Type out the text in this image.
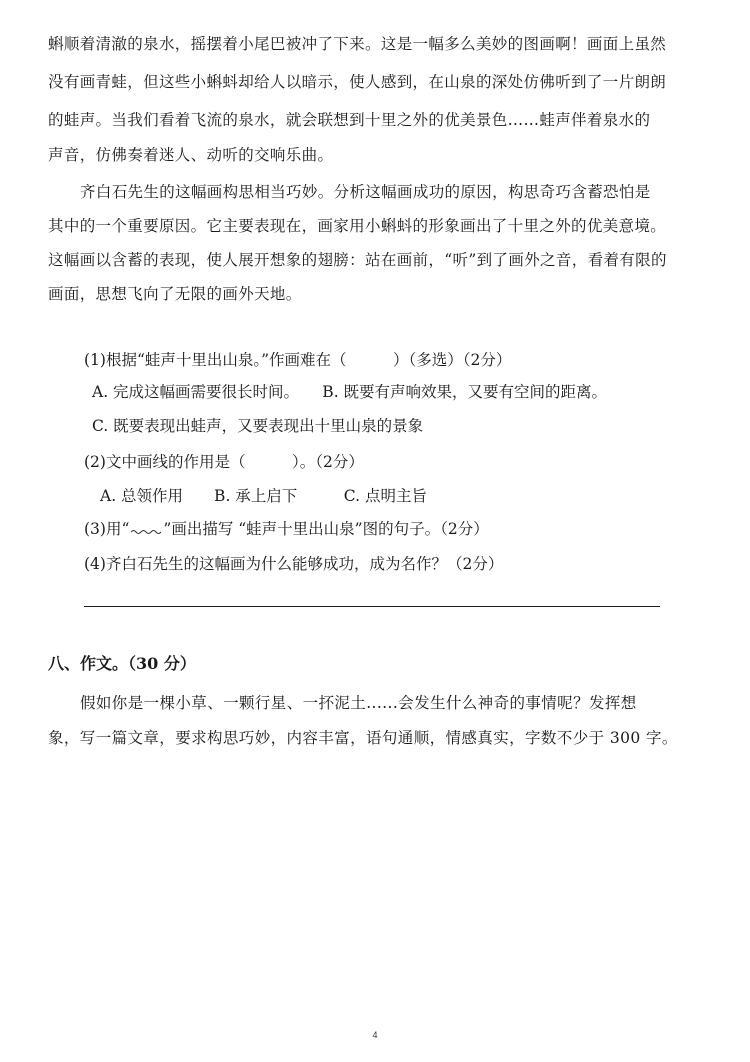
蝌顺着清澈的泉水，摇摆着小尾巴被冲了下来。这是一幅多么美妙的图画啊！画面上虽然
没有画青蛙，但这些小蝌蚪却给人以暗示，使人感到，在山泉的深处仿佛听到了一片朗朗
的蛙声。当我们看着飞流的泉水，就会联想到十里之外的优美景色……蛙声伴着泉水的
声音，仿佛奏着迷人、动听的交响乐曲。
齐白石先生的这幅画构思相当巧妙。分析这幅画成功的原因，构思奇巧含蓄恐怕是
其中的一个重要原因。它主要表现在，画家用小蝌蚪的形象画出了十里之外的优美意境。
这幅画以含蓄的表现，使人展开想象的翅膀：站在画前，“听”到了画外之音，看着有限的
画面，思想飞向了无限的画外天地。
(1)根据“蛙声十里出山泉。”作画难在（　　　）（多选）（2分）
A. 完成这幅画需要很长时间。　　B. 既要有声响效果，又要有空间的距离。
C. 既要表现出蛙声，又要表现出十里山泉的景象
(2)文中画线的作用是（　　　）。（2分）
A. 总领作用　　B. 承上启下　　　C. 点明主旨
(3)用“ ”画出描写 “蛙声十里出山泉”图的句子。（2分）
(4)齐白石先生的这幅画为什么能够成功，成为名作？（2分）
八、作文。（30 分）
假如你是一棵小草、一颗行星、一抔泥土......会发生什么神奇的事情呢？发挥想
象，写一篇文章，要求构思巧妙，内容丰富，语句通顺，情感真实，字数不少于 300 字。
4
